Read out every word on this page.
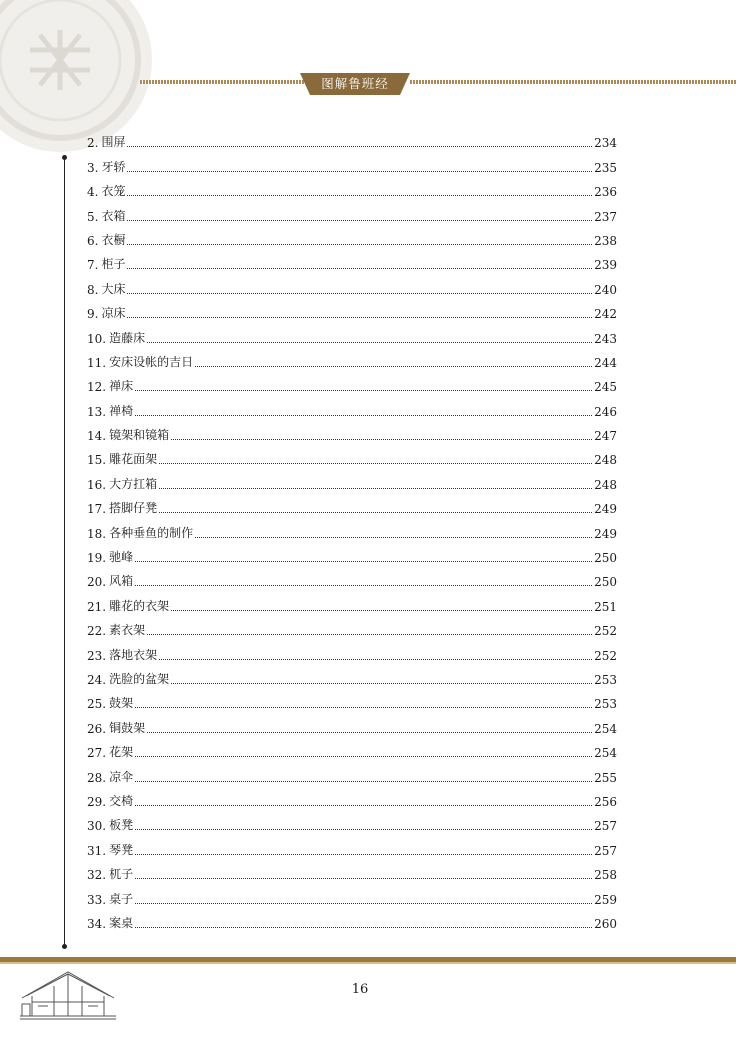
图解鲁班经
2. 围屏	234
3. 牙轿	235
4. 衣笼	236
5. 衣箱	237
6. 衣橱	238
7. 柜子	239
8. 大床	240
9. 凉床	242
10. 造藤床	243
11. 安床设帐的吉日	244
12. 禅床	245
13. 禅椅	246
14. 镜架和镜箱	247
15. 雕花面架	248
16. 大方扛箱	248
17. 搭脚仔凳	249
18. 各种垂鱼的制作	249
19. 驰峰	250
20. 风箱	250
21. 雕花的衣架	251
22. 素衣架	252
23. 落地衣架	252
24. 洗脸的盆架	253
25. 鼓架	253
26. 铜鼓架	254
27. 花架	254
28. 凉伞	255
29. 交椅	256
30. 板凳	257
31. 琴凳	257
32. 杌子	258
33. 桌子	259
34. 案桌	260
16
